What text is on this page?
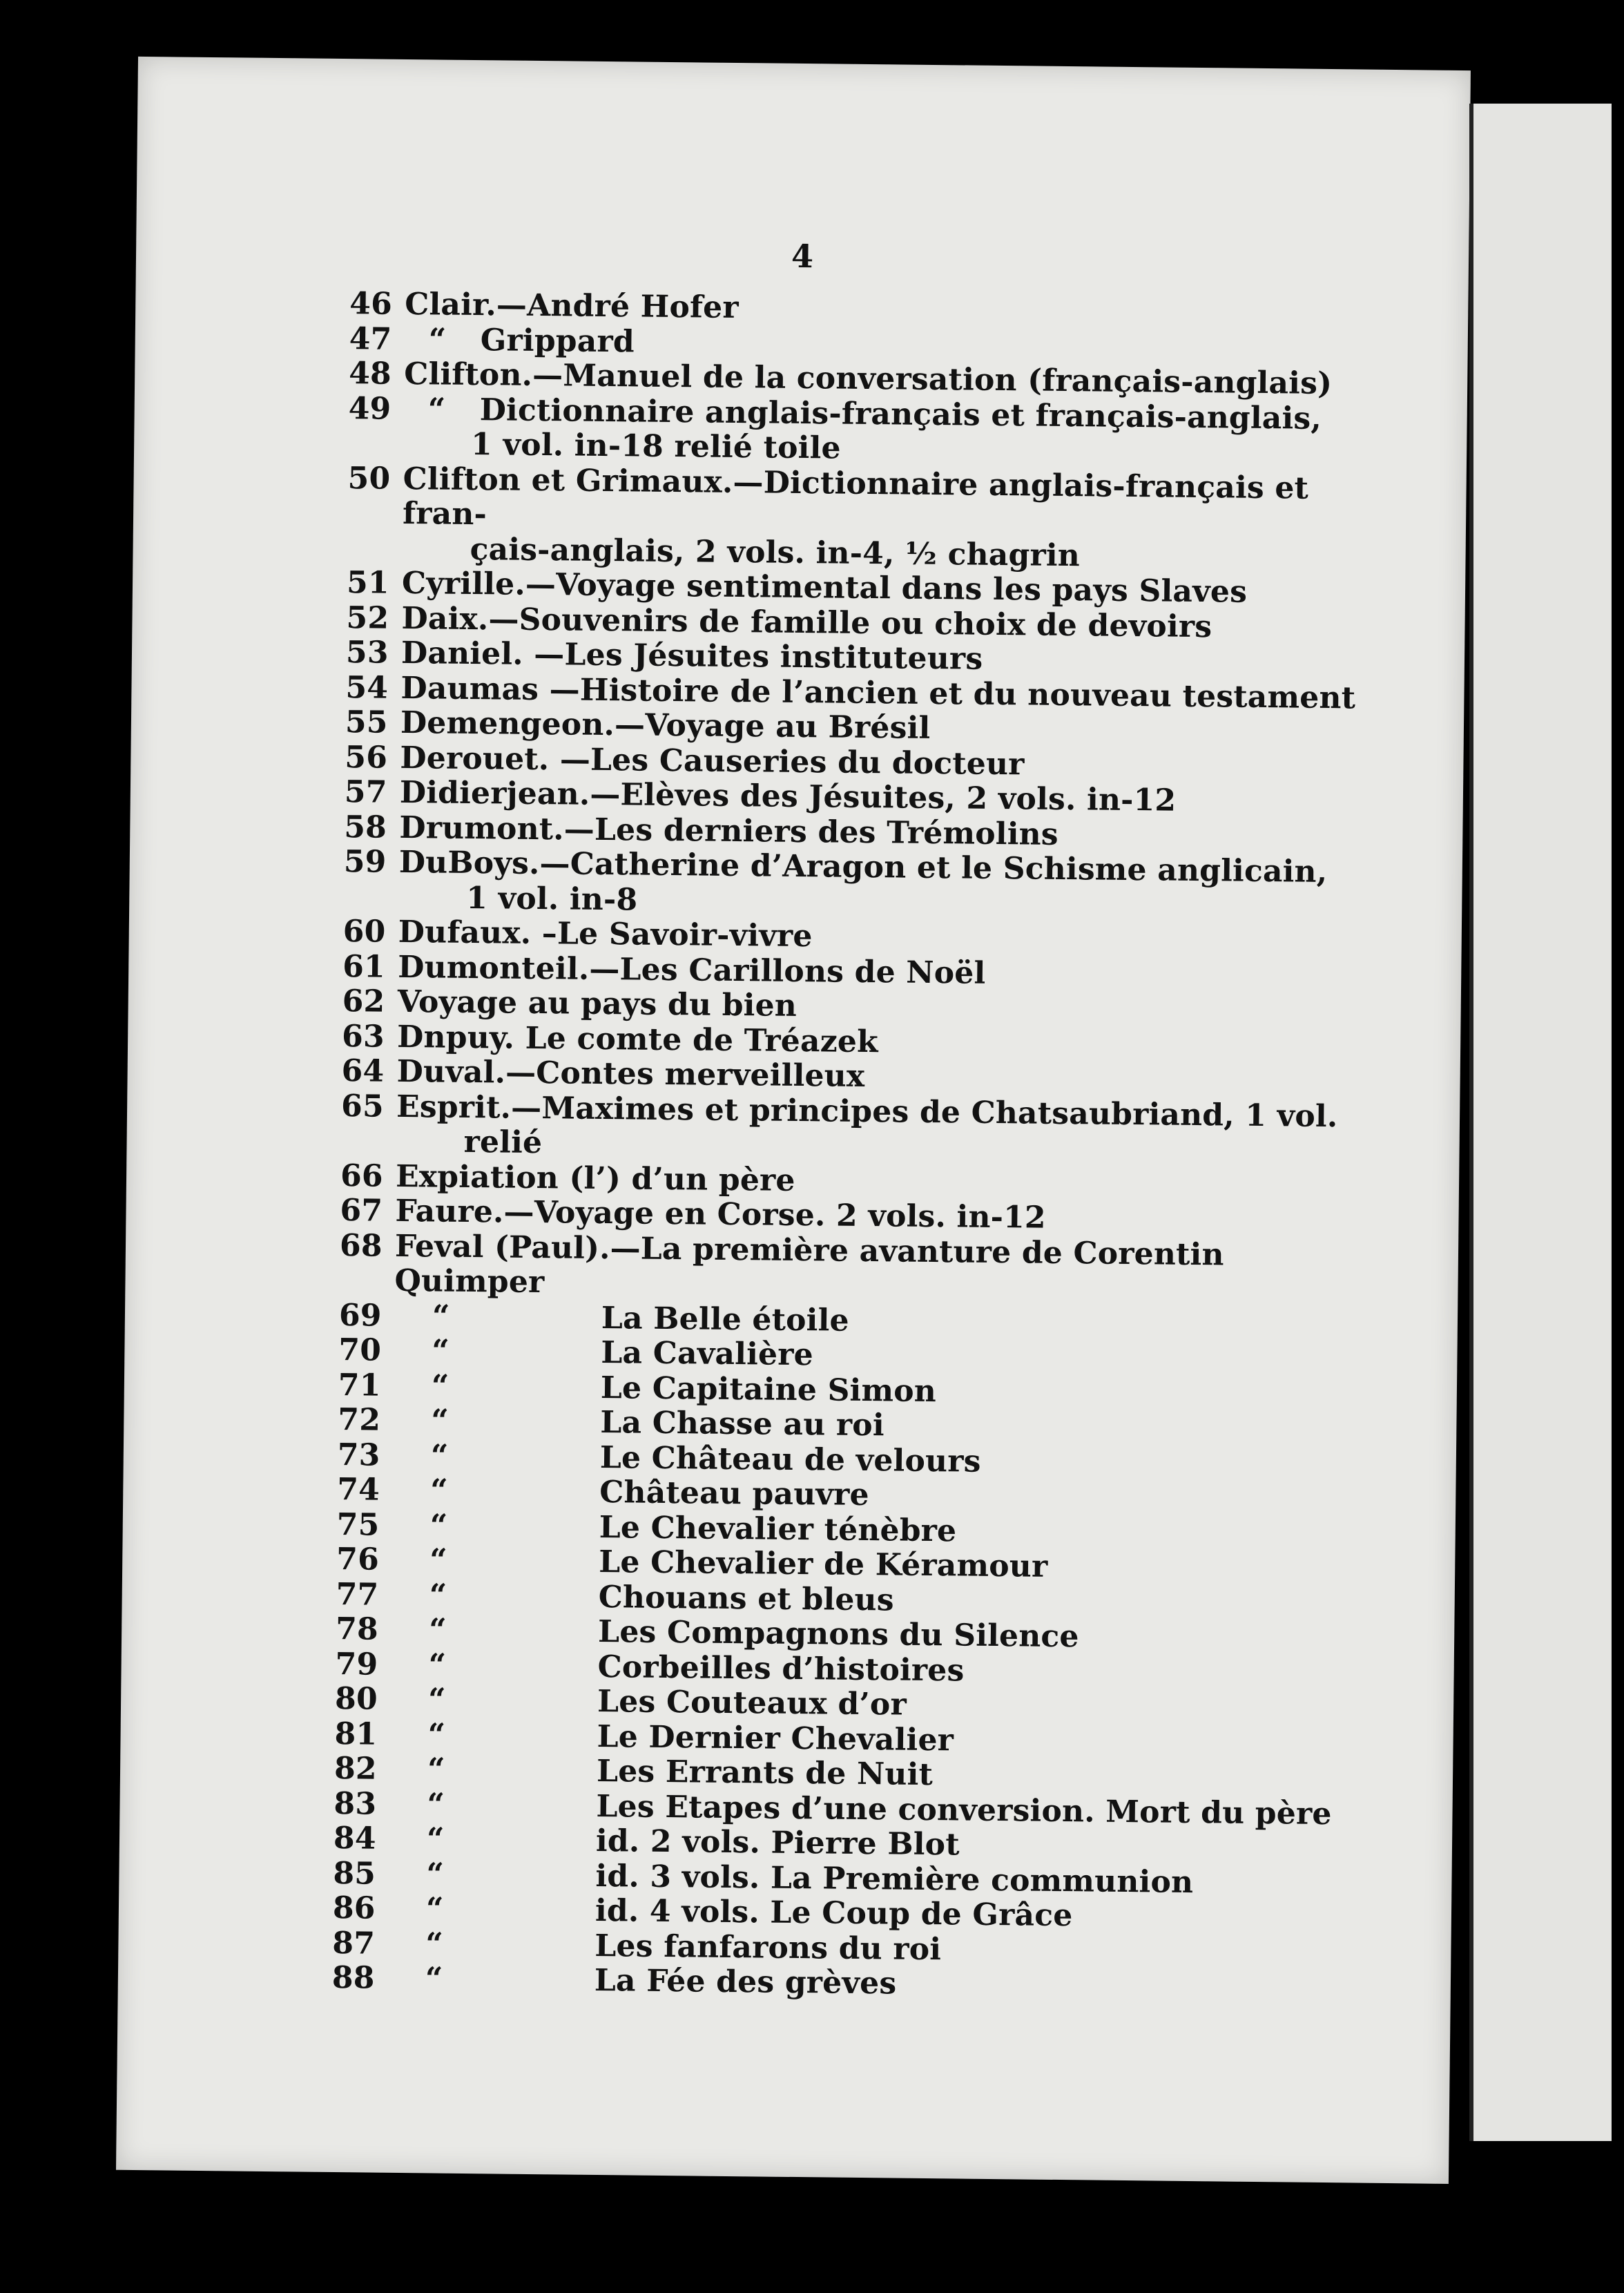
4
46 Clair.—André Hofer
47	“ Grippard
48 Clifton.—Manuel de la conversation (français-anglais)
49	“ Dictionnaire anglais-français et français-anglais,
1 vol. in-18 relié toile
50 Clifton et Grimaux.—Dictionnaire anglais-français et fran-
çais-anglais, 2 vols. in-4, ½ chagrin
51 Cyrille.—Voyage sentimental dans les pays Slaves
52 Daix.—Souvenirs de famille ou choix de devoirs
53 Daniel. —Les Jésuites instituteurs
54 Daumas —Histoire de l’ancien et du nouveau testament
55 Demengeon.—Voyage au Brésil
56 Derouet. —Les Causeries du docteur
57 Didierjean.—Elèves des Jésuites, 2 vols. in-12
58 Drumont.—Les derniers des Trémolins
59 DuBoys.—Catherine d’Aragon et le Schisme anglicain,
1 vol. in-8
60 Dufaux. –Le Savoir-vivre
61 Dumonteil.—Les Carillons de Noël
62 Voyage au pays du bien
63 Dnpuy. Le comte de Tréazek
64 Duval.—Contes merveilleux
65 Esprit.—Maximes et principes de Chatsaubriand, 1 vol.
relié
66 Expiation (l’) d’un père
67 Faure.—Voyage en Corse. 2 vols. in-12
68 Feval (Paul).—La première avanture de Corentin Quimper
69	“	La Belle étoile
70	“	La Cavalière
71	“	Le Capitaine Simon
72	“	La Chasse au roi
73	“	Le Château de velours
74	“	Château pauvre
75	“	Le Chevalier ténèbre
76	“	Le Chevalier de Kéramour
77	“	Chouans et bleus
78	“	Les Compagnons du Silence
79	“	Corbeilles d’histoires
80	“	Les Couteaux d’or
81	“	Le Dernier Chevalier
82	“	Les Errants de Nuit
83	“	Les Etapes d’une conversion. Mort du père
84	“	id. 2 vols. Pierre Blot
85	“	id. 3 vols. La Première communion
86	“	id. 4 vols. Le Coup de Grâce
87	“	Les fanfarons du roi
88	“	La Fée des grèves
